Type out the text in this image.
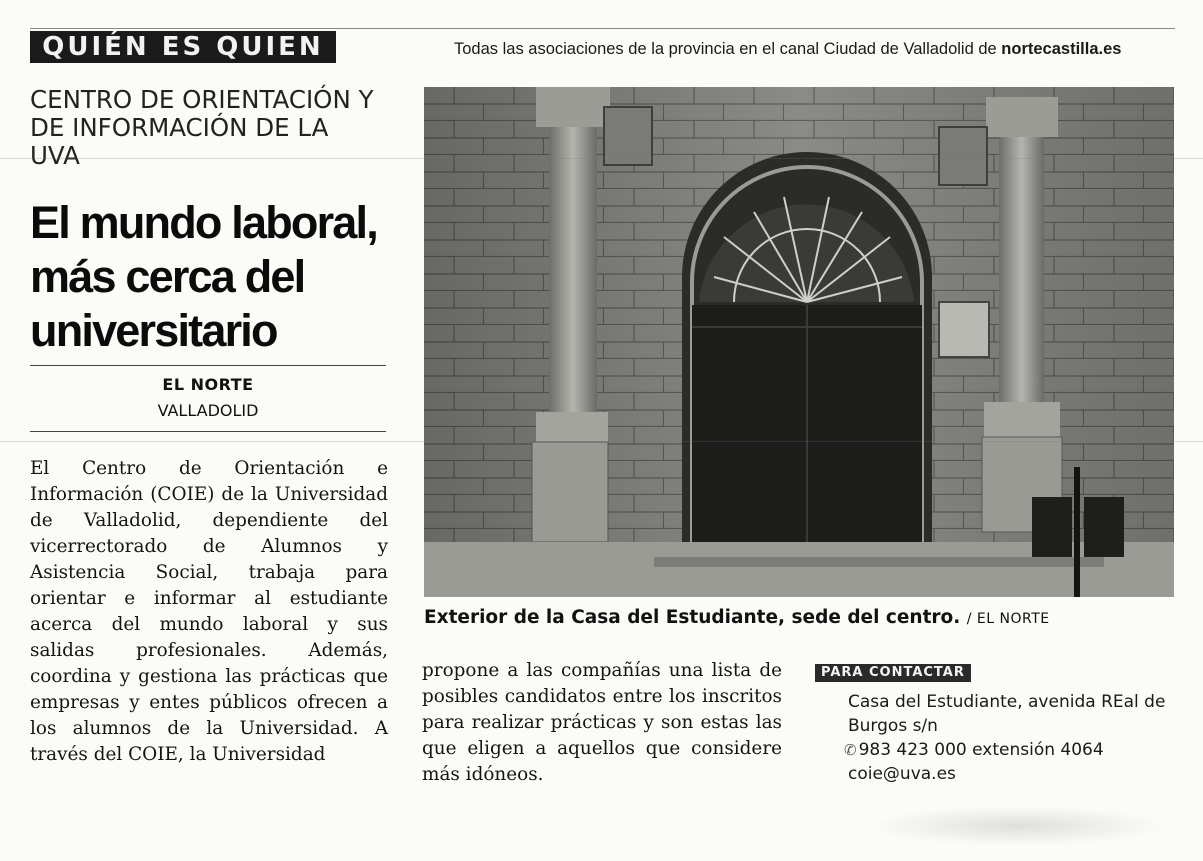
QUIÉN ES QUIEN	Todas las asociaciones de la provincia en el canal Ciudad de Valladolid de nortecastilla.es
CENTRO DE ORIENTACIÓN Y DE INFORMACIÓN DE LA UVA
El mundo laboral, más cerca del universitario
EL NORTE
VALLADOLID
El Centro de Orientación e Información (COIE) de la Universidad de Valladolid, dependiente del vicerrectorado de Alumnos y Asistencia Social, trabaja para orientar e informar al estudiante acerca del mundo laboral y sus salidas profesionales. Además, coordina y gestiona las prácticas que empresas y entes públicos ofrecen a los alumnos de la Universidad. A través del COIE, la Universidad
propone a las compañías una lista de posibles candidatos entre los inscritos para realizar prácticas y son estas las que eligen a aquellos que considere más idóneos.
Exterior de la Casa del Estudiante, sede del centro. / EL NORTE
PARA CONTACTAR
Casa del Estudiante, avenida REal de Burgos s/n
✆ 983 423 000 extensión 4064
coie@uva.es
